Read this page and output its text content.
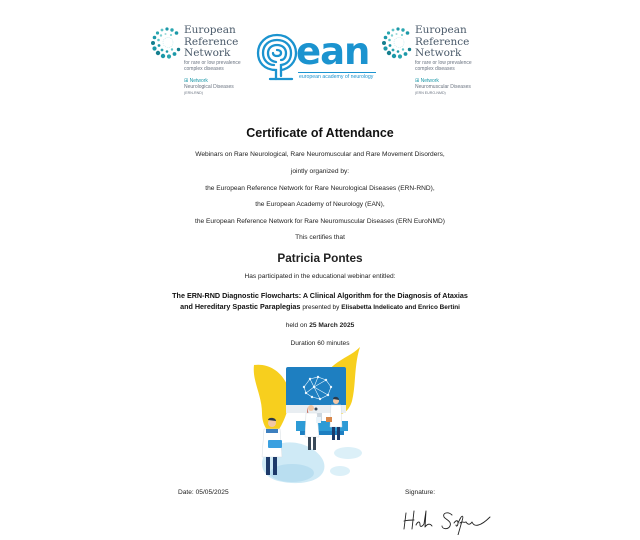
European
Reference
Network
for rare or low prevalence complex diseases
⊞ Network
Neurological Diseases
(ERN-RND)
ean
european academy of neurology
European
Reference
Network
for rare or low prevalence complex diseases
⊞ Network
Neuromuscular Diseases
(ERN EURO-NMD)
Certificate of Attendance
Webinars on Rare Neurological, Rare Neuromuscular and Rare Movement Disorders,
jointly organized by:
the European Reference Network for Rare Neurological Diseases (ERN-RND),
the European Academy of Neurology (EAN),
the European Reference Network for Rare Neuromuscular Diseases (ERN EuroNMD)
This certifies that
Patricia Pontes
Has participated in the educational webinar entitled:
The ERN-RND Diagnostic Flowcharts: A Clinical Algorithm for the Diagnosis of Ataxias
and Hereditary Spastic Paraplegias presented by Elisabetta Indelicato and Enrico Bertini
held on 25 March 2025
Duration 60 minutes
Date: 05/05/2025	Signature:
